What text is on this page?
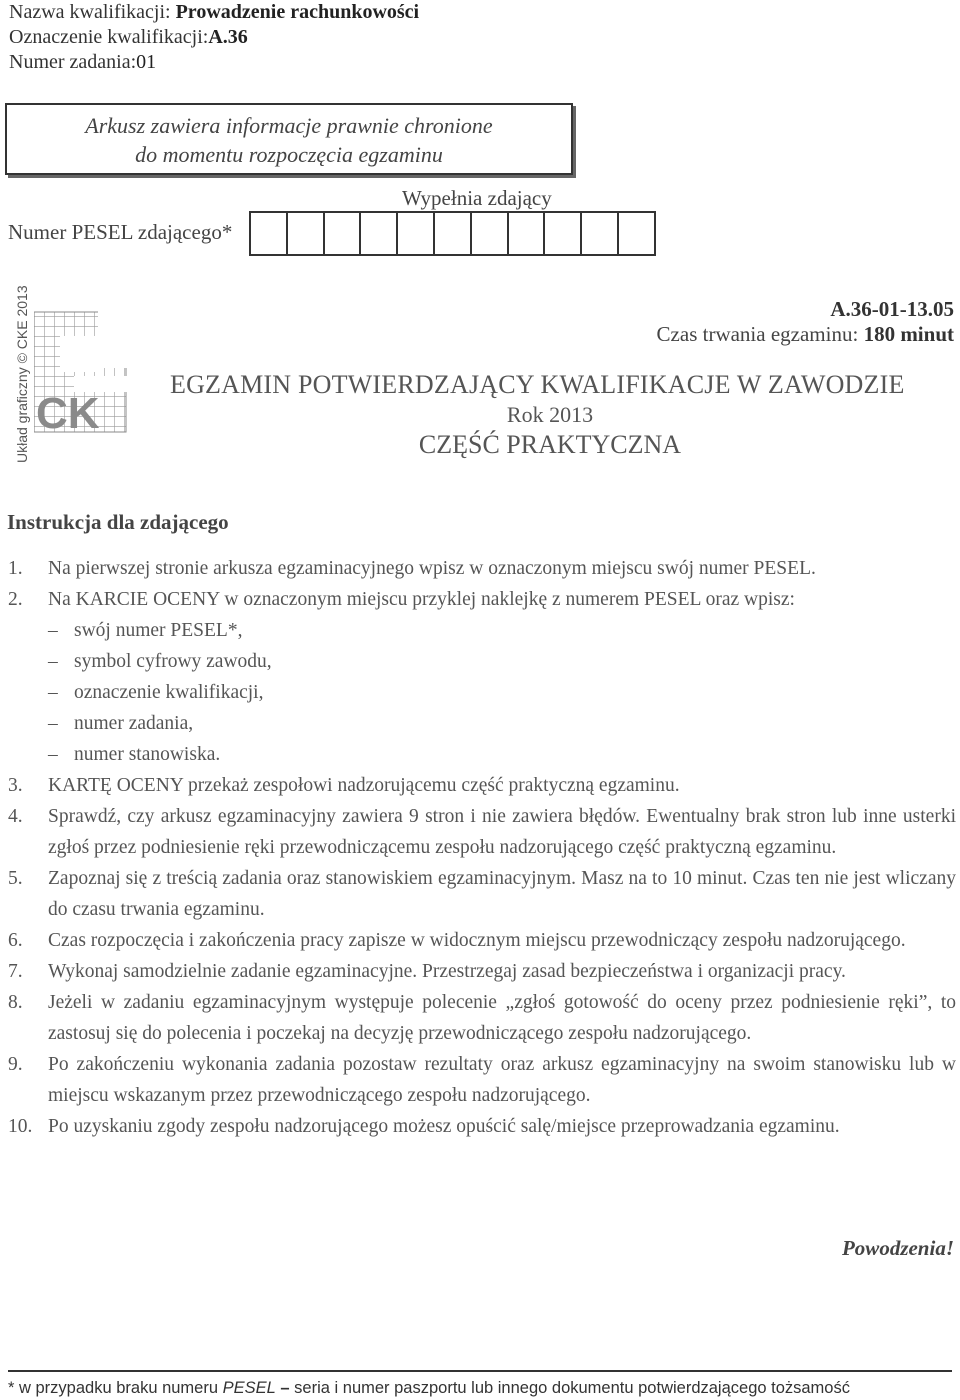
Nazwa kwalifikacji: Prowadzenie rachunkowości
Oznaczenie kwalifikacji:A.36
Numer zadania:01
Arkusz zawiera informacje prawnie chronione
do momentu rozpoczęcia egzaminu
Wypełnia zdający
Numer PESEL zdającego*
Układ graficzny © CKE 2013 CK
A.36-01-13.05
Czas trwania egzaminu: 180 minut
EGZAMIN POTWIERDZAJĄCY KWALIFIKACJE W ZAWODZIE
Rok 2013
CZĘŚĆ PRAKTYCZNA
Instrukcja dla zdającego
1.	Na pierwszej stronie arkusza egzaminacyjnego wpisz w oznaczonym miejscu swój numer PESEL.
2.	Na KARCIE OCENY w oznaczonym miejscu przyklej naklejkę z numerem PESEL oraz wpisz:
– swój numer PESEL*,
– symbol cyfrowy zawodu,
– oznaczenie kwalifikacji,
– numer zadania,
– numer stanowiska.
3.	KARTĘ OCENY przekaż zespołowi nadzorującemu część praktyczną egzaminu.
4.	Sprawdź, czy arkusz egzaminacyjny zawiera 9 stron i nie zawiera błędów. Ewentualny brak stron lub inne usterki zgłoś przez podniesienie ręki przewodniczącemu zespołu nadzorującego część praktyczną egzaminu.
5.	Zapoznaj się z treścią zadania oraz stanowiskiem egzaminacyjnym. Masz na to 10 minut. Czas ten nie jest wliczany do czasu trwania egzaminu.
6.	Czas rozpoczęcia i zakończenia pracy zapisze w widocznym miejscu przewodniczący zespołu nadzorującego.
7.	Wykonaj samodzielnie zadanie egzaminacyjne. Przestrzegaj zasad bezpieczeństwa i organizacji pracy.
8.	Jeżeli w zadaniu egzaminacyjnym występuje polecenie „zgłoś gotowość do oceny przez podniesienie ręki”, to zastosuj się do polecenia i poczekaj na decyzję przewodniczącego zespołu nadzorującego.
9.	Po zakończeniu wykonania zadania pozostaw rezultaty oraz arkusz egzaminacyjny na swoim stanowisku lub w miejscu wskazanym przez przewodniczącego zespołu nadzorującego.
10. Po uzyskaniu zgody zespołu nadzorującego możesz opuścić salę/miejsce przeprowadzania egzaminu.
Powodzenia!
* w przypadku braku numeru PESEL – seria i numer paszportu lub innego dokumentu potwierdzającego tożsamość
